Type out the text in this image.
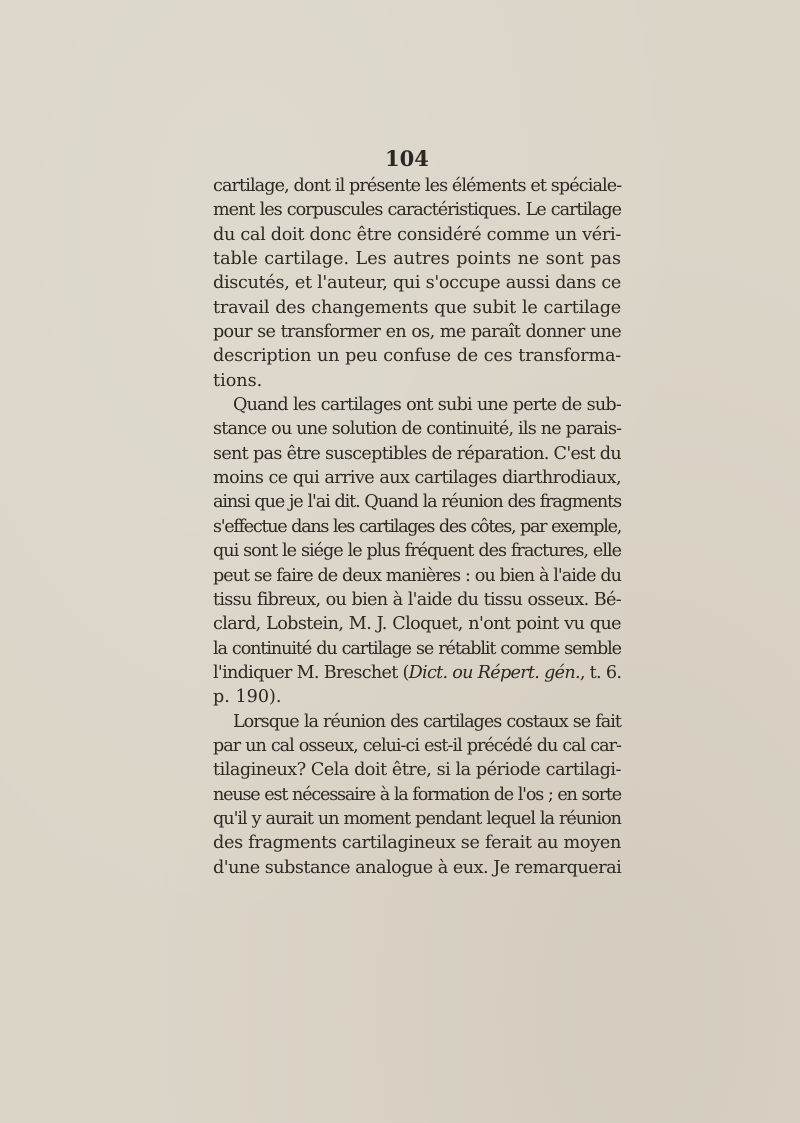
104
cartilage, dont il présente les éléments et spéciale-
ment les corpuscules caractéristiques. Le cartilage
du cal doit donc être considéré comme un véri-
table cartilage. Les autres points ne sont pas
discutés, et l'auteur, qui s'occupe aussi dans ce
travail des changements que subit le cartilage
pour se transformer en os, me paraît donner une
description un peu confuse de ces transforma-
tions.
Quand les cartilages ont subi une perte de sub-
stance ou une solution de continuité, ils ne parais-
sent pas être susceptibles de réparation. C'est du
moins ce qui arrive aux cartilages diarthrodiaux,
ainsi que je l'ai dit. Quand la réunion des fragments
s'effectue dans les cartilages des côtes, par exemple,
qui sont le siége le plus fréquent des fractures, elle
peut se faire de deux manières : ou bien à l'aide du
tissu fibreux, ou bien à l'aide du tissu osseux. Bé-
clard, Lobstein, M. J. Cloquet, n'ont point vu que
la continuité du cartilage se rétablit comme semble
l'indiquer M. Breschet (Dict. ou Répert. gén., t. 6.
p. 190).
Lorsque la réunion des cartilages costaux se fait
par un cal osseux, celui-ci est-il précédé du cal car-
tilagineux? Cela doit être, si la période cartilagi-
neuse est nécessaire à la formation de l'os ; en sorte
qu'il y aurait un moment pendant lequel la réunion
des fragments cartilagineux se ferait au moyen
d'une substance analogue à eux. Je remarquerai
